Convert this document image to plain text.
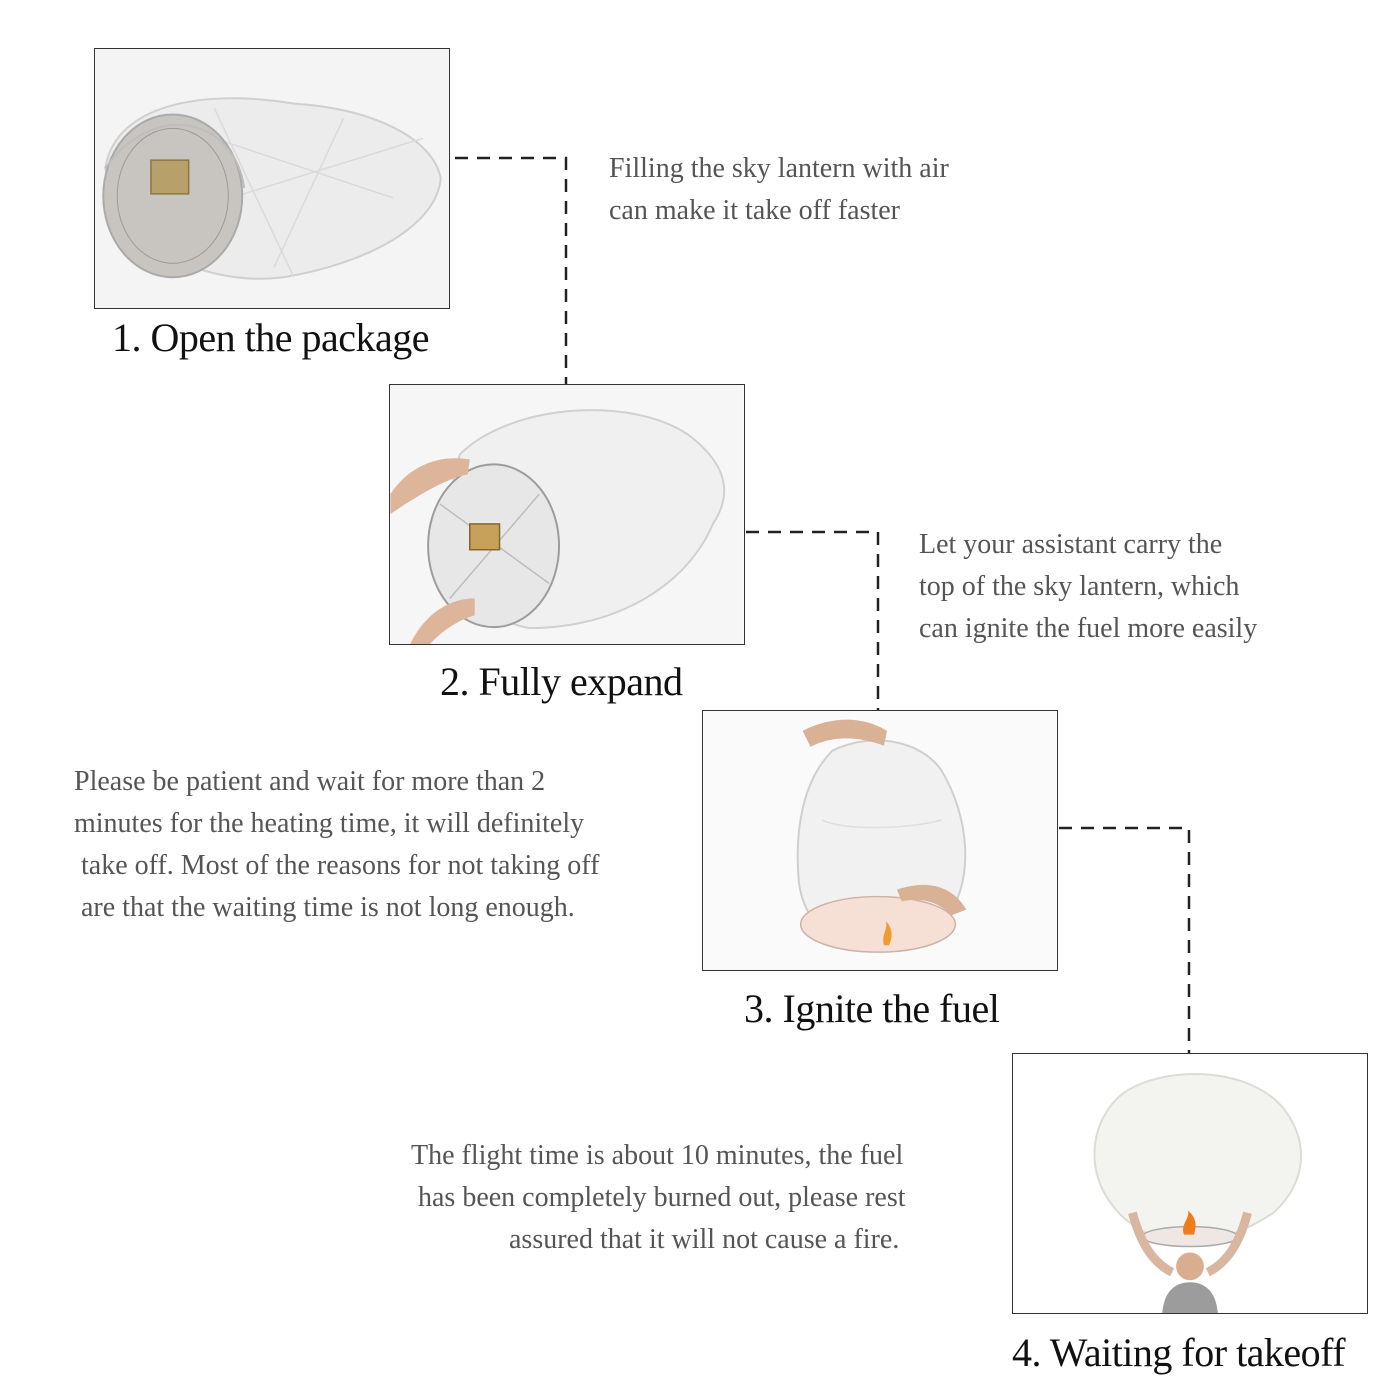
1. Open the package
Filling the sky lantern with air
can make it take off faster
2. Fully expand
Let your assistant carry the
top of the sky lantern, which
can ignite the fuel more easily
Please be patient and wait for more than 2
minutes for the heating time, it will definitely
take off. Most of the reasons for not taking off
are that the waiting time is not long enough.
3. Ignite the fuel
The flight time is about 10 minutes, the fuel
has been completely burned out, please rest
assured that it will not cause a fire.
4. Waiting for takeoff
